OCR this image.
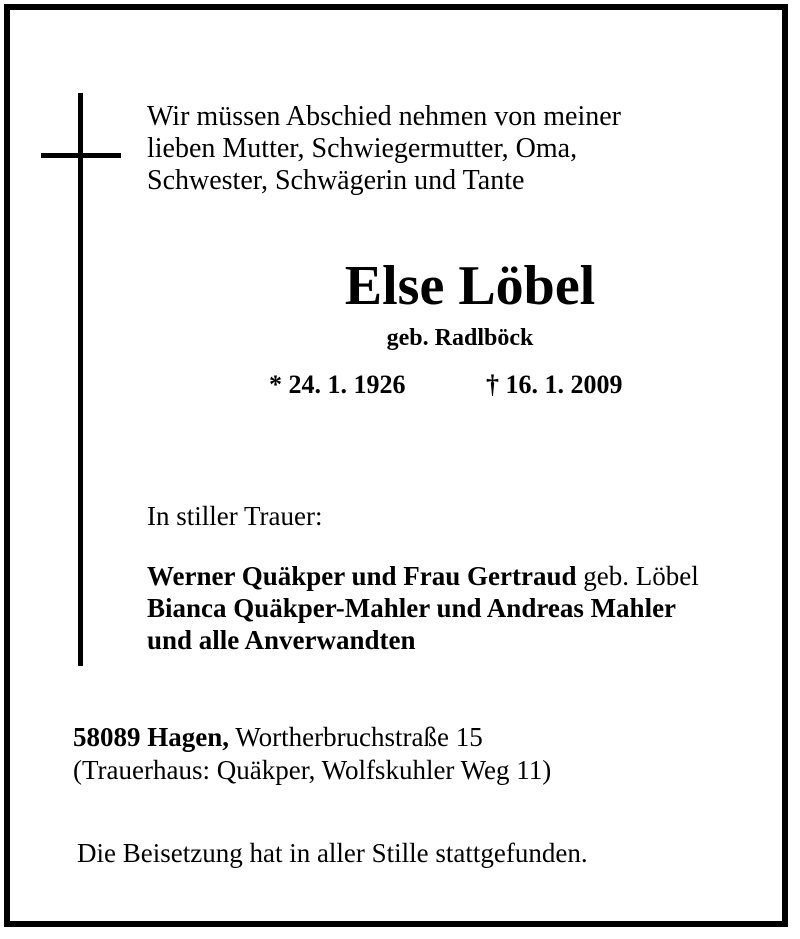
Wir müssen Abschied nehmen von meiner
lieben Mutter, Schwiegermutter, Oma,
Schwester, Schwägerin und Tante
Else Löbel
geb. Radlböck
* 24. 1. 1926	† 16. 1. 2009
In stiller Trauer:
Werner Quäkper und Frau Gertraud geb. Löbel
Bianca Quäkper-Mahler und Andreas Mahler
und alle Anverwandten
58089 Hagen, Wortherbruchstraße 15
(Trauerhaus: Quäkper, Wolfskuhler Weg 11)
Die Beisetzung hat in aller Stille stattgefunden.
